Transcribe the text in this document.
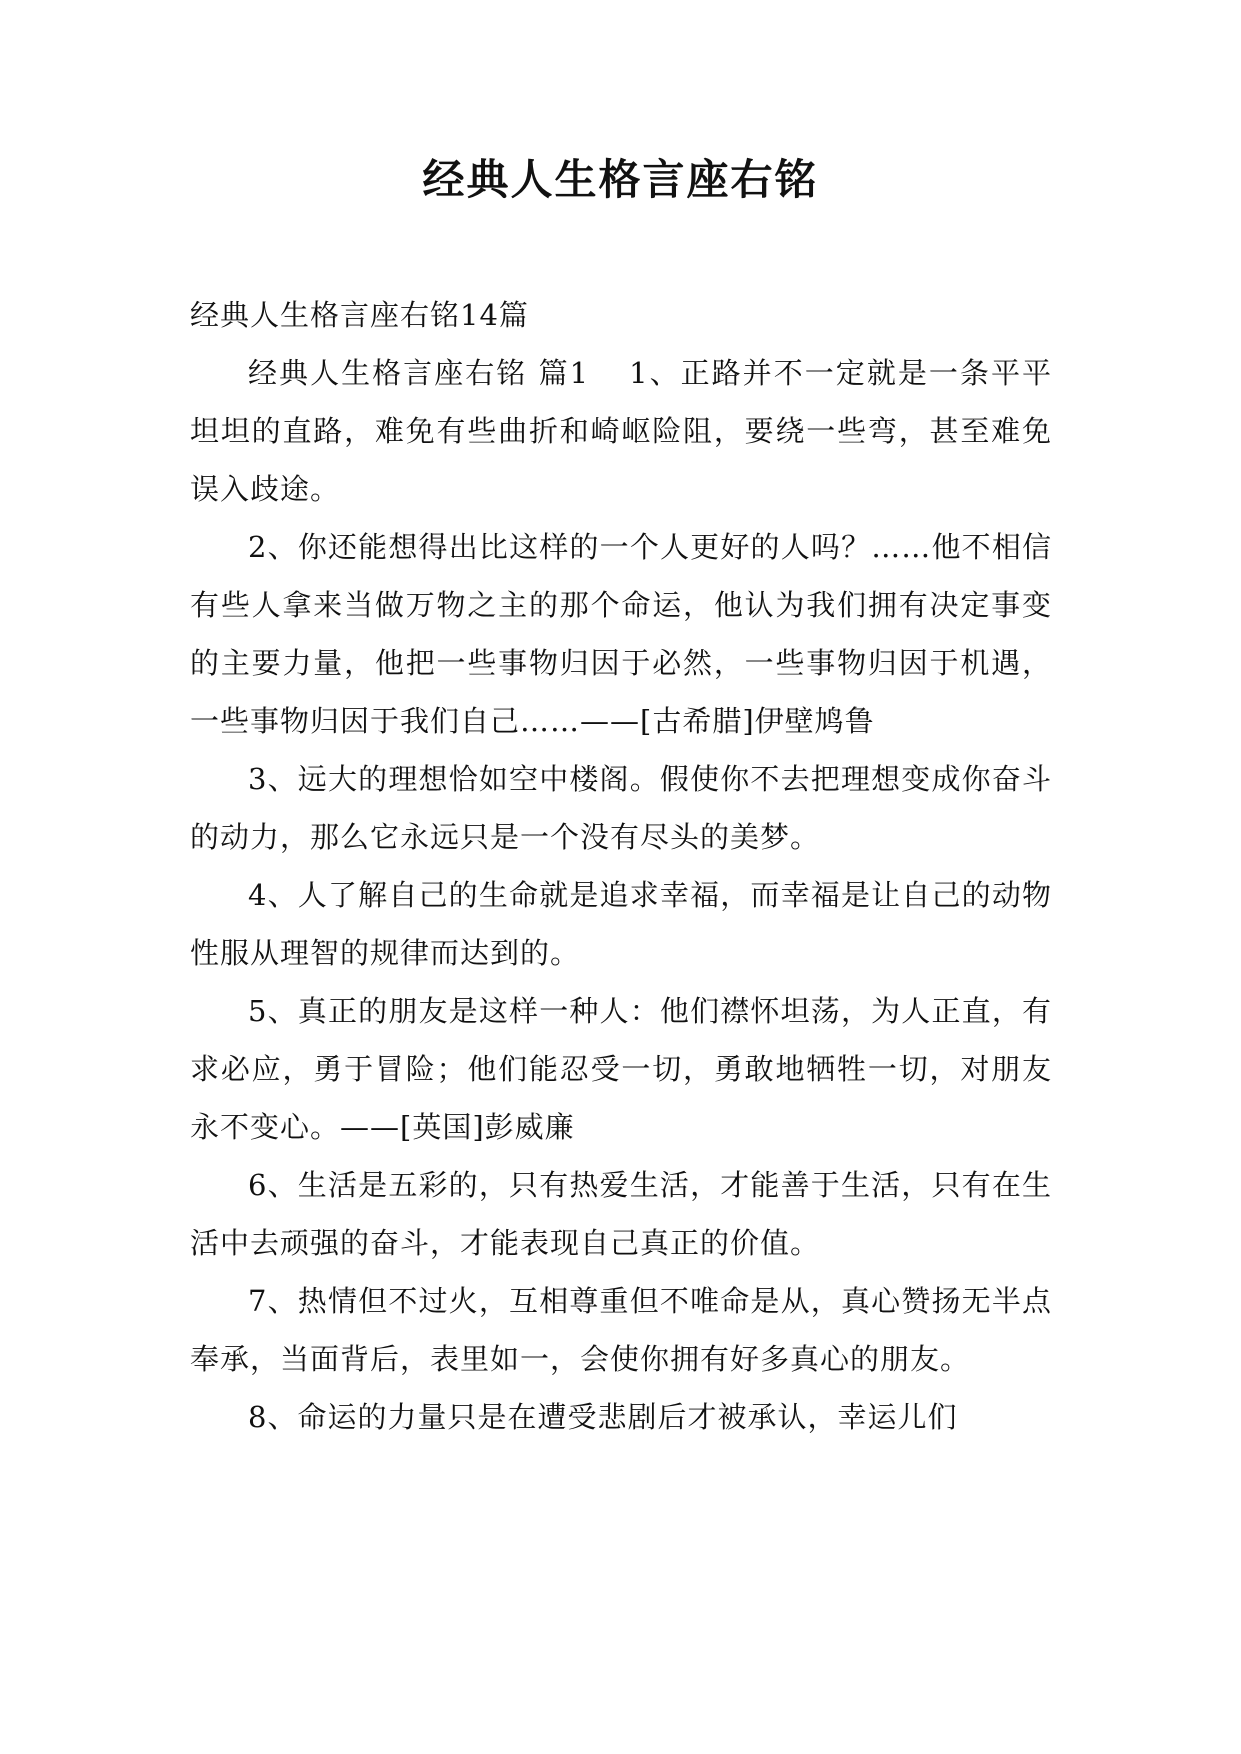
经典人生格言座右铭

经典人生格言座右铭14篇

经典人生格言座右铭 篇1 1、正路并不一定就是一条平平坦坦的直路，难免有些曲折和崎岖险阻，要绕一些弯，甚至难免误入歧途。

2、你还能想得出比这样的一个人更好的人吗？……他不相信有些人拿来当做万物之主的那个命运，他认为我们拥有决定事变的主要力量，他把一些事物归因于必然，一些事物归因于机遇，一些事物归因于我们自己……——[古希腊]伊壁鸠鲁

3、远大的理想恰如空中楼阁。假使你不去把理想变成你奋斗的动力，那么它永远只是一个没有尽头的美梦。

4、人了解自己的生命就是追求幸福，而幸福是让自己的动物性服从理智的规律而达到的。

5、真正的朋友是这样一种人：他们襟怀坦荡，为人正直，有求必应，勇于冒险；他们能忍受一切，勇敢地牺牲一切，对朋友永不变心。——[英国]彭威廉

6、生活是五彩的，只有热爱生活，才能善于生活，只有在生活中去顽强的奋斗，才能表现自己真正的价值。

7、热情但不过火，互相尊重但不唯命是从，真心赞扬无半点奉承，当面背后，表里如一，会使你拥有好多真心的朋友。

8、命运的力量只是在遭受悲剧后才被承认，幸运儿们
